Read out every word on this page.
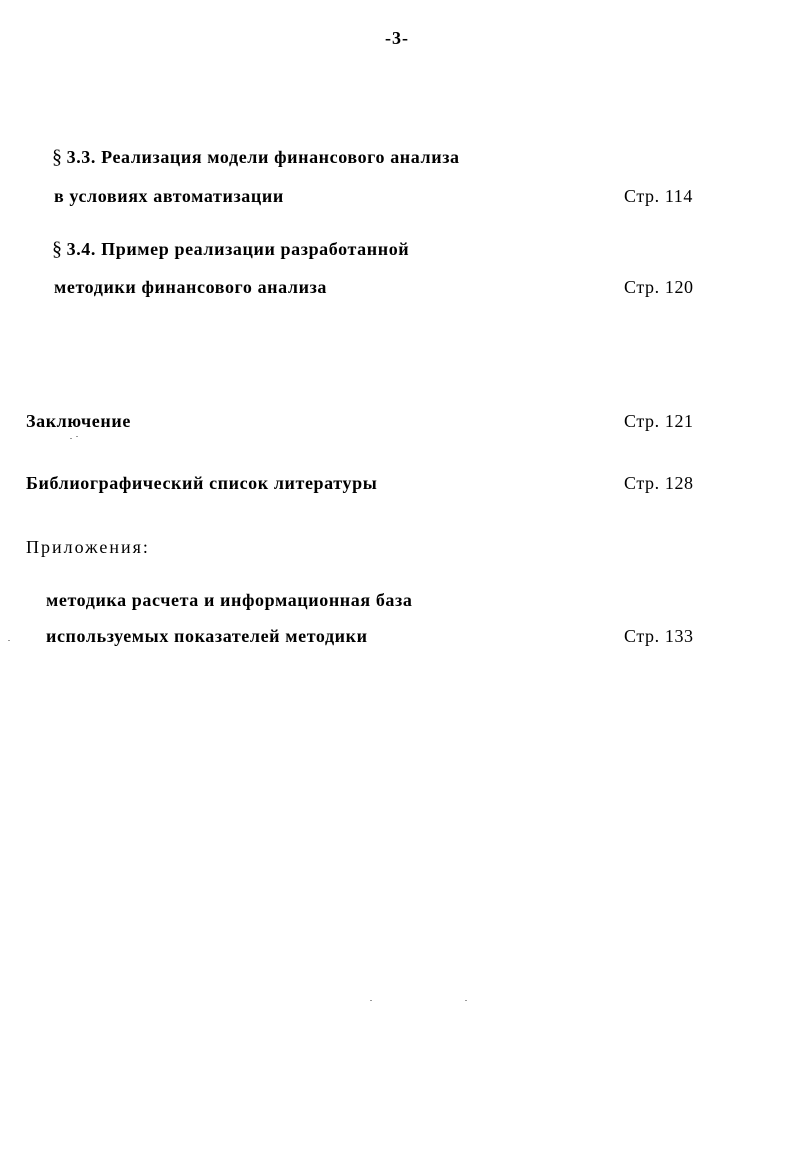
-3-
§ 3.3. Реализация модели финансового анализа
в условиях автоматизации	Стр. 114
§ 3.4. Пример реализации разработанной
методики финансового анализа	Стр. 120
Заключение	Стр. 121
Библиографический список литературы	Стр. 128
Приложения:
методика расчета и информационная база
используемых показателей методики	Стр. 133
